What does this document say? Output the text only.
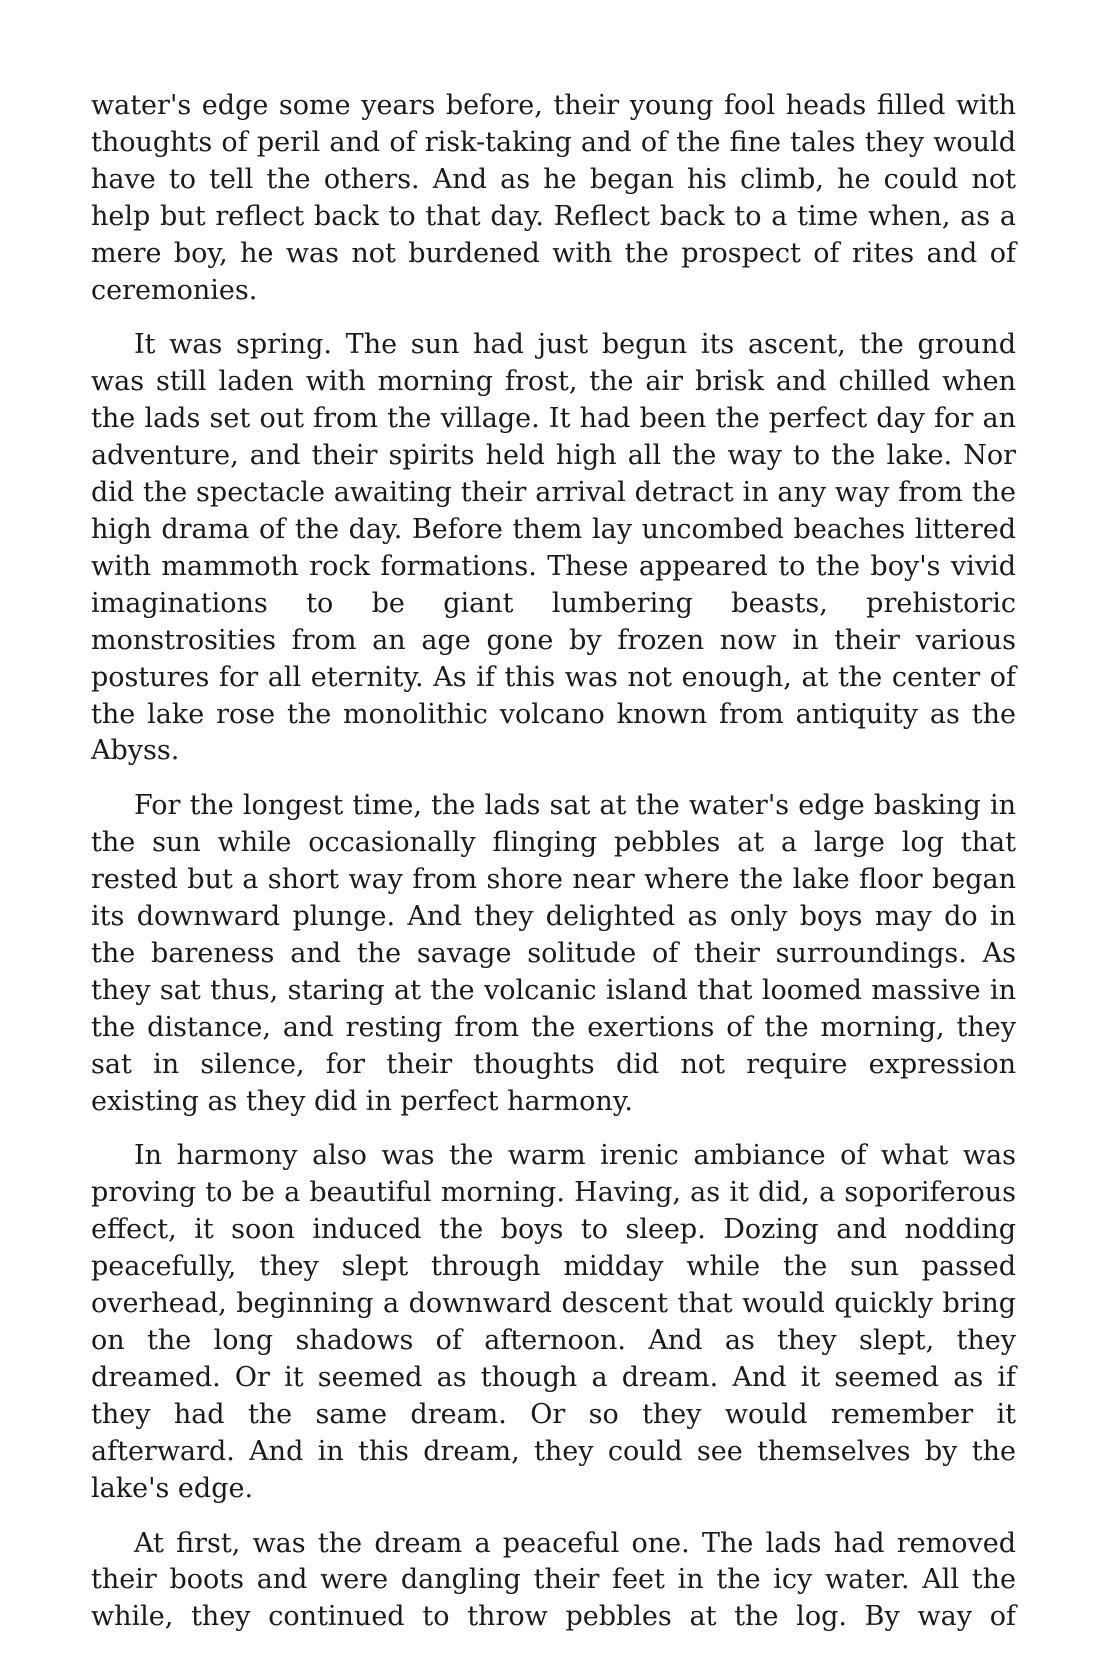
water's edge some years before, their young fool heads filled with thoughts of peril and of risk-taking and of the fine tales they would have to tell the others. And as he began his climb, he could not help but reflect back to that day. Reflect back to a time when, as a mere boy, he was not burdened with the prospect of rites and of ceremonies.

It was spring. The sun had just begun its ascent, the ground was still laden with morning frost, the air brisk and chilled when the lads set out from the village. It had been the perfect day for an adventure, and their spirits held high all the way to the lake. Nor did the spectacle awaiting their arrival detract in any way from the high drama of the day. Before them lay uncombed beaches littered with mammoth rock formations. These appeared to the boy's vivid imaginations to be giant lumbering beasts, prehistoric monstrosities from an age gone by frozen now in their various postures for all eternity. As if this was not enough, at the center of the lake rose the monolithic volcano known from antiquity as the Abyss.

For the longest time, the lads sat at the water's edge basking in the sun while occasionally flinging pebbles at a large log that rested but a short way from shore near where the lake floor began its downward plunge. And they delighted as only boys may do in the bareness and the savage solitude of their surroundings. As they sat thus, staring at the volcanic island that loomed massive in the distance, and resting from the exertions of the morning, they sat in silence, for their thoughts did not require expression existing as they did in perfect harmony.

In harmony also was the warm irenic ambiance of what was proving to be a beautiful morning. Having, as it did, a soporiferous effect, it soon induced the boys to sleep. Dozing and nodding peacefully, they slept through midday while the sun passed overhead, beginning a downward descent that would quickly bring on the long shadows of afternoon. And as they slept, they dreamed. Or it seemed as though a dream. And it seemed as if they had the same dream. Or so they would remember it afterward. And in this dream, they could see themselves by the lake's edge.

At first, was the dream a peaceful one. The lads had removed their boots and were dangling their feet in the icy water. All the while, they continued to throw pebbles at the log. By way of
